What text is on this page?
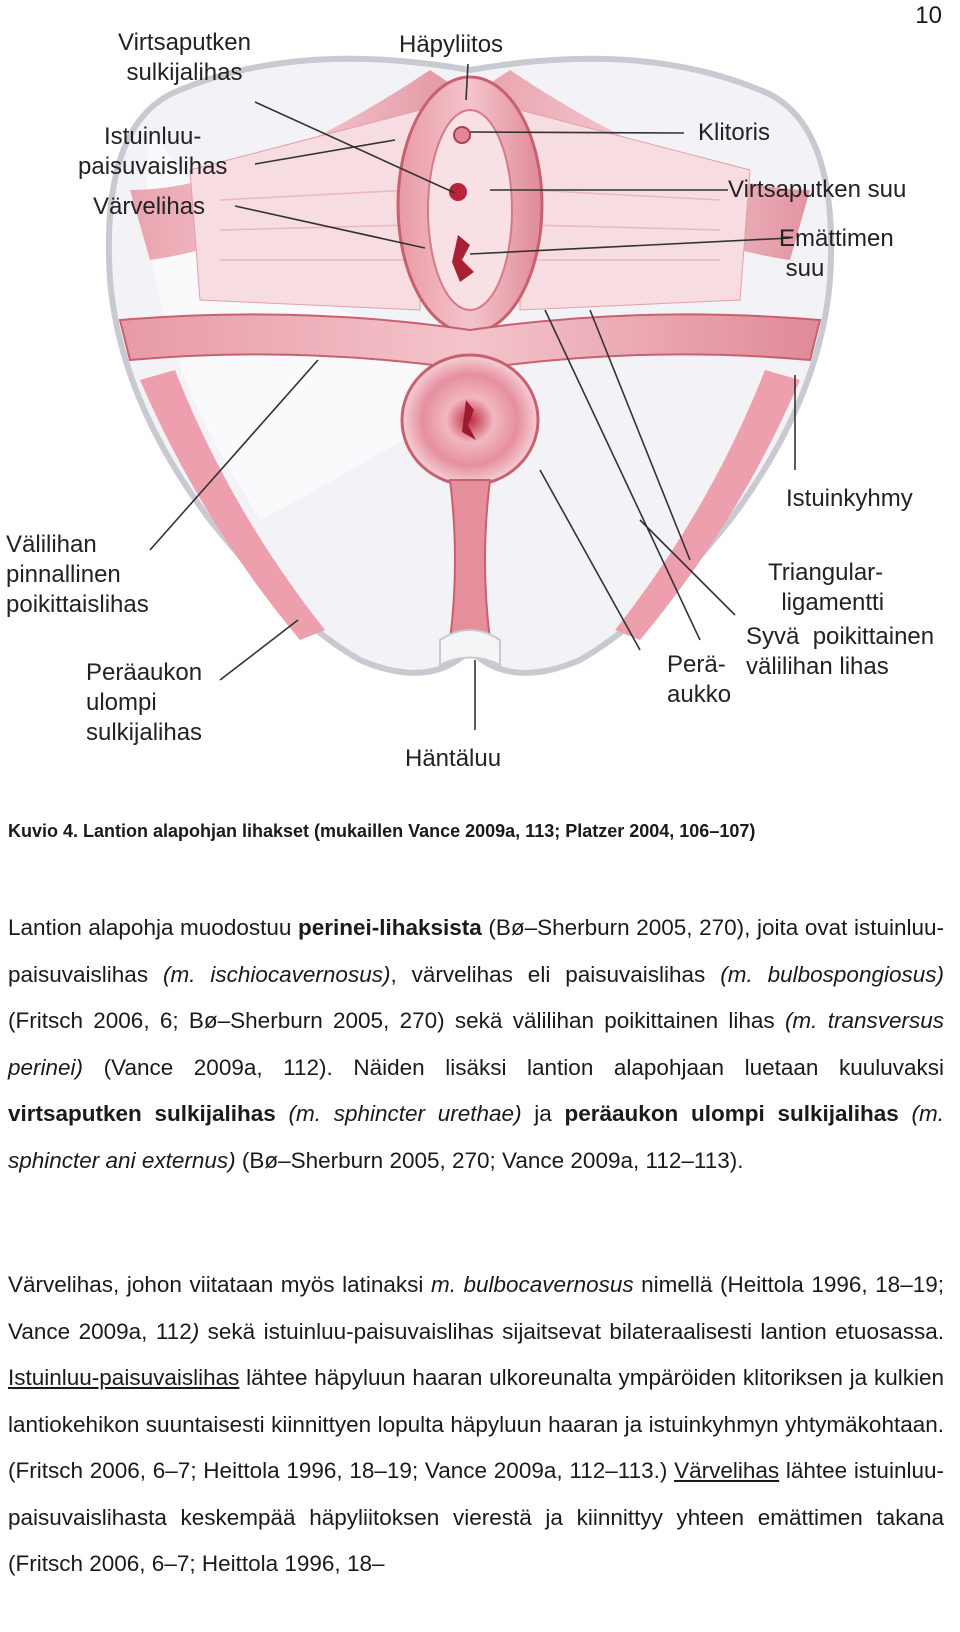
10
Virtsaputken
sulkijalihas
Häpyliitos
Istuinluu-
paisuvaislihas
Värvelihas
Klitoris
Virtsaputken suu
Emättimen
suu
Istuinkyhmy
Välilihan
pinnallinen
poikittaislihas
Triangular-
ligamentti
Syvä  poikittainen
välilihan lihas
Perä-
aukko
Peräaukon
ulompi
sulkijalihas
Häntäluu
Kuvio 4. Lantion alapohjan lihakset (mukaillen Vance 2009a, 113; Platzer 2004, 106–107)
Lantion alapohja muodostuu perinei-lihaksista (Bø–Sherburn 2005, 270), joita ovat istuinluu-paisuvaislihas (m. ischiocavernosus), värvelihas eli paisuvaislihas (m. bulbospongiosus) (Fritsch 2006, 6; Bø–Sherburn 2005, 270) sekä välilihan poikittainen lihas (m. transversus perinei) (Vance 2009a, 112). Näiden lisäksi lantion alapohjaan luetaan kuuluvaksi virtsaputken sulkijalihas (m. sphincter urethae) ja peräaukon ulompi sulkijalihas (m. sphincter ani externus) (Bø–Sherburn 2005, 270; Vance 2009a, 112–113).
Värvelihas, johon viitataan myös latinaksi m. bulbocavernosus nimellä (Heittola 1996, 18–19; Vance 2009a, 112) sekä istuinluu-paisuvaislihas sijaitsevat bilateraalisesti lantion etuosassa. Istuinluu-paisuvaislihas lähtee häpyluun haaran ulkoreunalta ympäröiden klitoriksen ja kulkien lantiokehikon suuntaisesti kiinnittyen lopulta häpyluun haaran ja istuinkyhmyn yhtymäkohtaan. (Fritsch 2006, 6–7; Heittola 1996, 18–19; Vance 2009a, 112–113.) Värvelihas lähtee istuinluu-paisuvaislihasta keskempää häpyliitoksen vierestä ja kiinnittyy yhteen emättimen takana (Fritsch 2006, 6–7; Heittola 1996, 18–
